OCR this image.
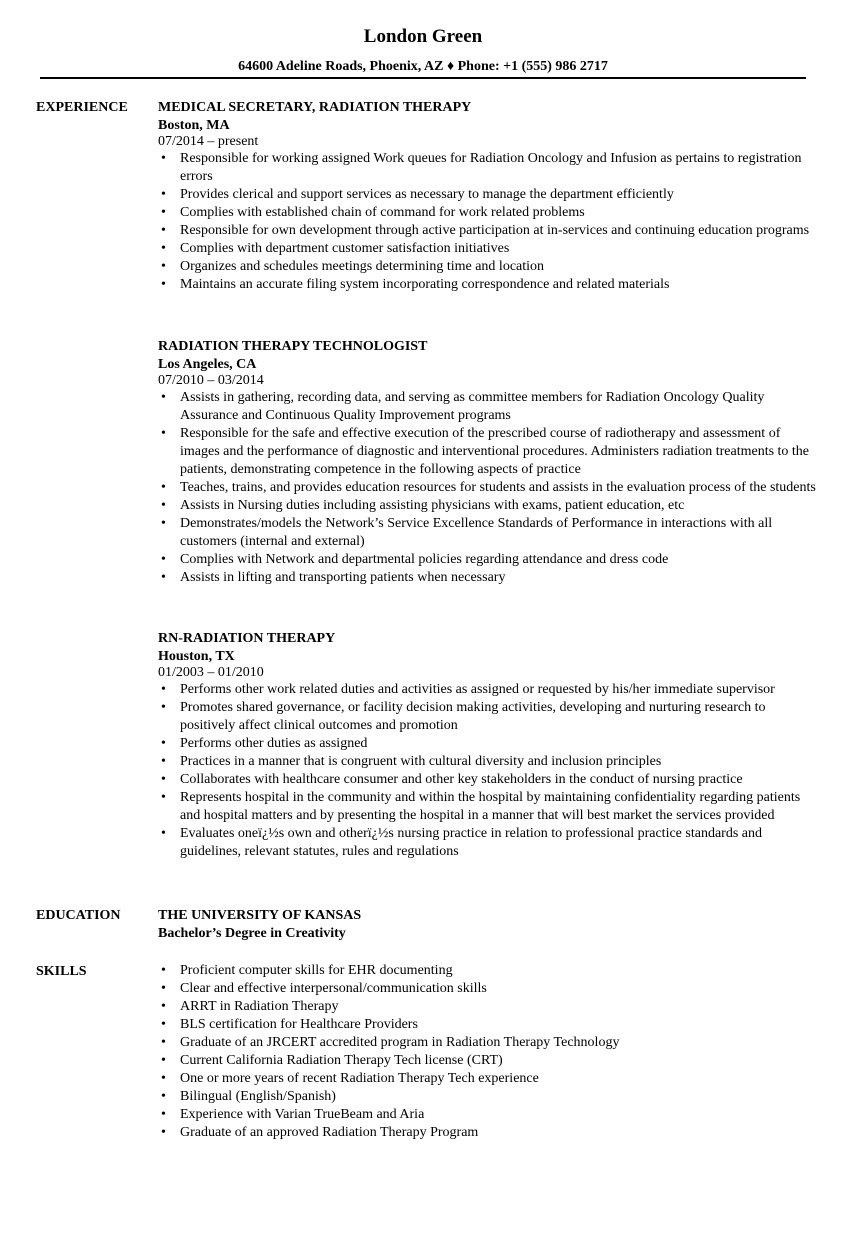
London Green
64600 Adeline Roads, Phoenix, AZ ♦ Phone: +1 (555) 986 2717
EXPERIENCE MEDICAL SECRETARY, RADIATION THERAPY
Boston, MA
07/2014 – present
• Responsible for working assigned Work queues for Radiation Oncology and Infusion as pertains to registration errors
• Provides clerical and support services as necessary to manage the department efficiently
• Complies with established chain of command for work related problems
• Responsible for own development through active participation at in-services and continuing education programs
• Complies with department customer satisfaction initiatives
• Organizes and schedules meetings determining time and location
• Maintains an accurate filing system incorporating correspondence and related materials
RADIATION THERAPY TECHNOLOGIST
Los Angeles, CA
07/2010 – 03/2014
• Assists in gathering, recording data, and serving as committee members for Radiation Oncology Quality Assurance and Continuous Quality Improvement programs
• Responsible for the safe and effective execution of the prescribed course of radiotherapy and assessment of images and the performance of diagnostic and interventional procedures. Administers radiation treatments to the patients, demonstrating competence in the following aspects of practice
• Teaches, trains, and provides education resources for students and assists in the evaluation process of the students
• Assists in Nursing duties including assisting physicians with exams, patient education, etc
• Demonstrates/models the Network’s Service Excellence Standards of Performance in interactions with all customers (internal and external)
• Complies with Network and departmental policies regarding attendance and dress code
• Assists in lifting and transporting patients when necessary
RN-RADIATION THERAPY
Houston, TX
01/2003 – 01/2010
• Performs other work related duties and activities as assigned or requested by his/her immediate supervisor
• Promotes shared governance, or facility decision making activities, developing and nurturing research to positively affect clinical outcomes and promotion
• Performs other duties as assigned
• Practices in a manner that is congruent with cultural diversity and inclusion principles
• Collaborates with healthcare consumer and other key stakeholders in the conduct of nursing practice
• Represents hospital in the community and within the hospital by maintaining confidentiality regarding patients and hospital matters and by presenting the hospital in a manner that will best market the services provided
• Evaluates oneï¿½s own and otherï¿½s nursing practice in relation to professional practice standards and guidelines, relevant statutes, rules and regulations
EDUCATION	THE UNIVERSITY OF KANSAS
Bachelor’s Degree in Creativity
SKILLS
•	Proficient computer skills for EHR documenting
• Clear and effective interpersonal/communication skills
• ARRT in Radiation Therapy
• BLS certification for Healthcare Providers
• Graduate of an JRCERT accredited program in Radiation Therapy Technology
• Current California Radiation Therapy Tech license (CRT)
• One or more years of recent Radiation Therapy Tech experience
• Bilingual (English/Spanish)
• Experience with Varian TrueBeam and Aria
• Graduate of an approved Radiation Therapy Program
